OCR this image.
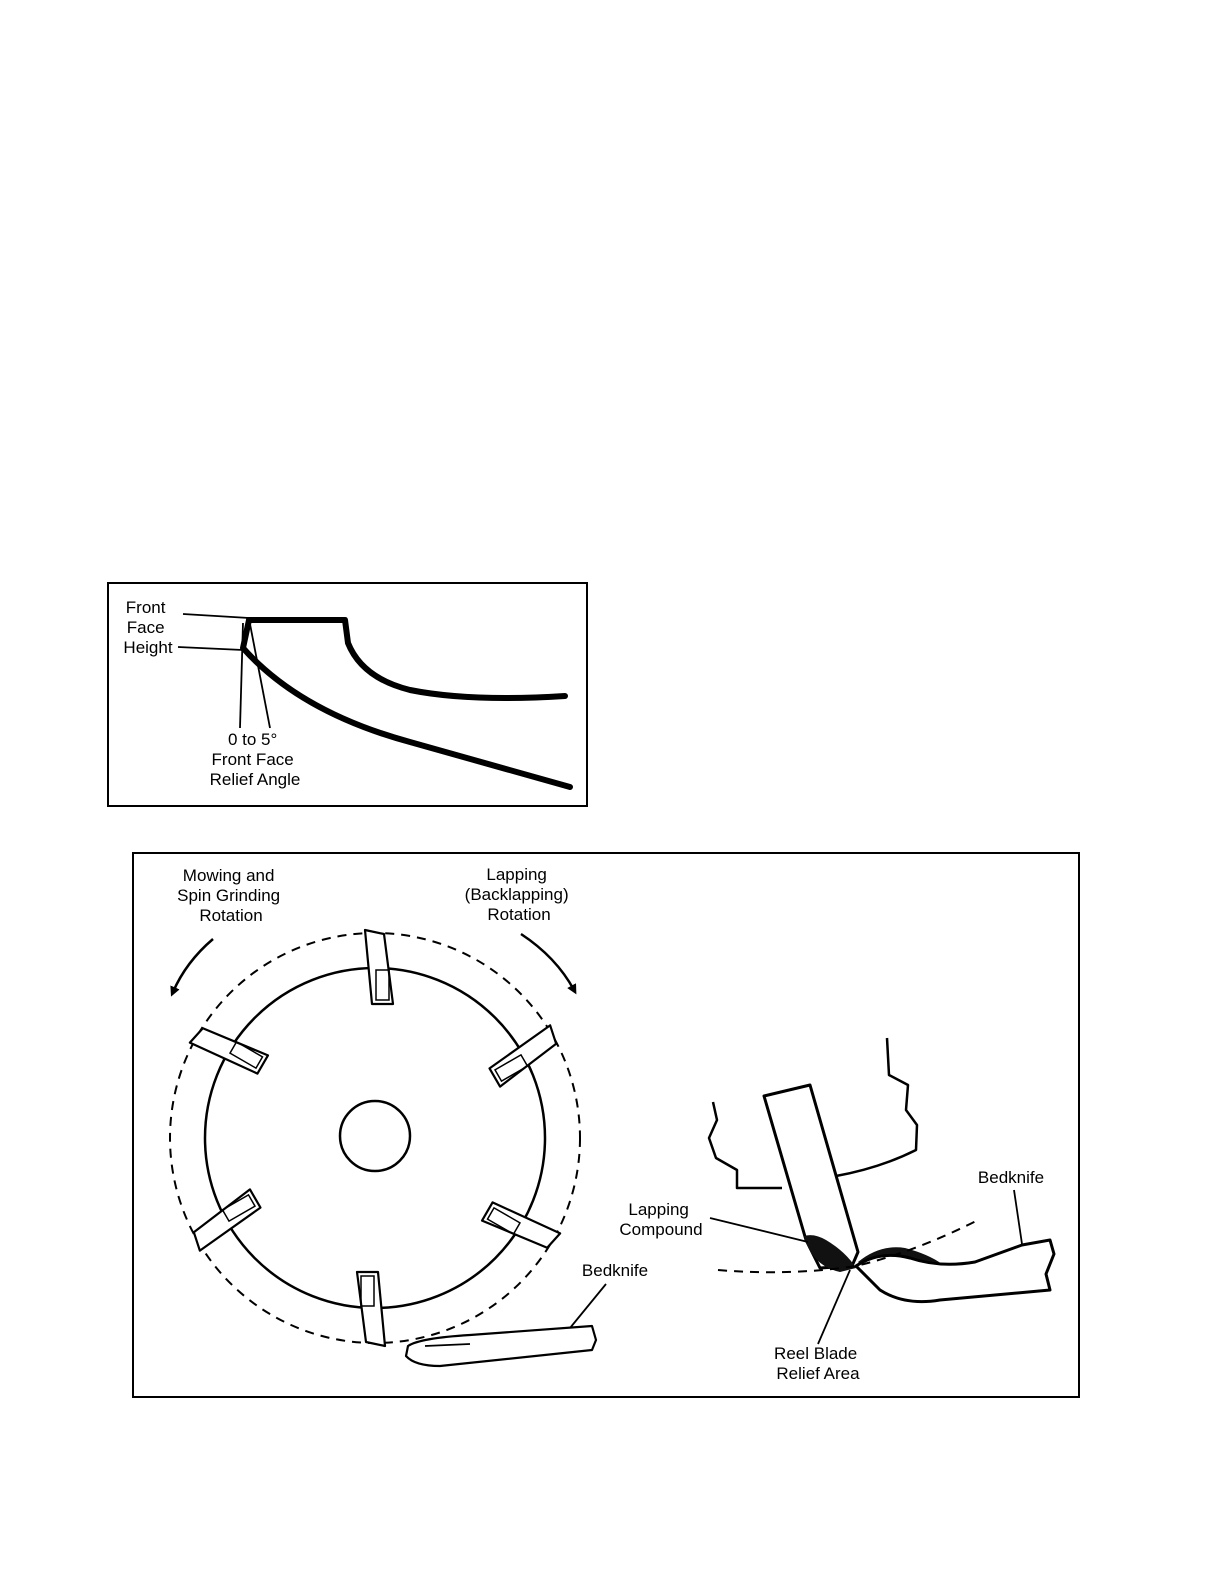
Front Face Height
0 to 5° Front Face Relief Angle
Mowing and Spin Grinding Rotation
Lapping (Backlapping) Rotation
Bedknife
Lapping Compound
Reel Blade Relief Area
Bedknife
